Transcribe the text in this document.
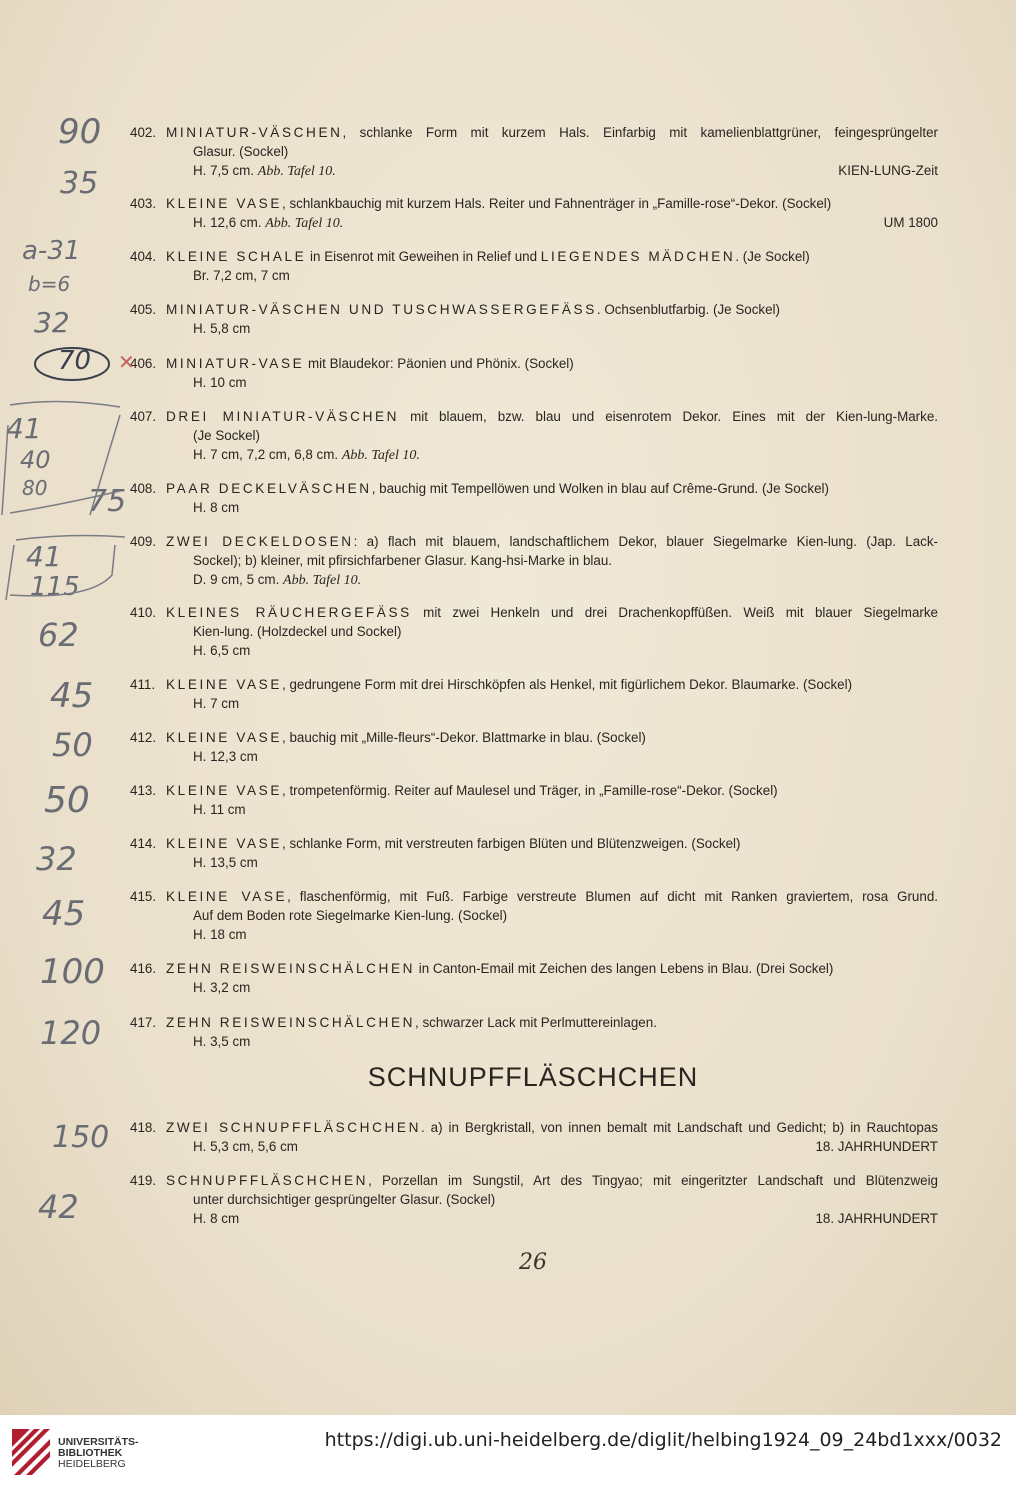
402. MINIATUR-VÄSCHEN, schlanke Form mit kurzem Hals. Einfarbig mit kamelienblattgrüner, feingesprüngelter
Glasur. (Sockel)
H. 7,5 cm. Abb. Tafel 10.	KIEN-LUNG-Zeit
403. KLEINE VASE, schlankbauchig mit kurzem Hals. Reiter und Fahnenträger in „Famille-rose“-Dekor. (Sockel)
H. 12,6 cm. Abb. Tafel 10.	UM 1800
404. KLEINE SCHALE in Eisenrot mit Geweihen in Relief und LIEGENDES MÄDCHEN. (Je Sockel)
Br. 7,2 cm, 7 cm
405. MINIATUR-VÄSCHEN UND TUSCHWASSERGEFÄSS. Ochsenblutfarbig. (Je Sockel)
H. 5,8 cm
406. MINIATUR-VASE mit Blaudekor: Päonien und Phönix. (Sockel)
H. 10 cm
407. DREI MINIATUR-VÄSCHEN mit blauem, bzw. blau und eisenrotem Dekor. Eines mit der Kien-lung-Marke.
(Je Sockel)
H. 7 cm, 7,2 cm, 6,8 cm. Abb. Tafel 10.
408. PAAR DECKELVÄSCHEN, bauchig mit Tempellöwen und Wolken in blau auf Crême-Grund. (Je Sockel)
H. 8 cm
409. ZWEI DECKELDOSEN: a) flach mit blauem, landschaftlichem Dekor, blauer Siegelmarke Kien-lung. (Jap. Lack-
Sockel); b) kleiner, mit pfirsichfarbener Glasur. Kang-hsi-Marke in blau.
D. 9 cm, 5 cm. Abb. Tafel 10.
410. KLEINES RÄUCHERGEFÄSS mit zwei Henkeln und drei Drachenkopffüßen. Weiß mit blauer Siegelmarke
Kien-lung. (Holzdeckel und Sockel)
H. 6,5 cm
411. KLEINE VASE, gedrungene Form mit drei Hirschköpfen als Henkel, mit figürlichem Dekor. Blaumarke. (Sockel)
H. 7 cm
412. KLEINE VASE, bauchig mit „Mille-fleurs“-Dekor. Blattmarke in blau. (Sockel)
H. 12,3 cm
413. KLEINE VASE, trompetenförmig. Reiter auf Maulesel und Träger, in „Famille-rose“-Dekor. (Sockel)
H. 11 cm
414. KLEINE VASE, schlanke Form, mit verstreuten farbigen Blüten und Blütenzweigen. (Sockel)
H. 13,5 cm
415. KLEINE VASE, flaschenförmig, mit Fuß. Farbige verstreute Blumen auf dicht mit Ranken graviertem, rosa Grund.
Auf dem Boden rote Siegelmarke Kien-lung. (Sockel)
H. 18 cm
416. ZEHN REISWEINSCHÄLCHEN in Canton-Email mit Zeichen des langen Lebens in Blau. (Drei Sockel)
H. 3,2 cm
417. ZEHN REISWEINSCHÄLCHEN, schwarzer Lack mit Perlmuttereinlagen.
H. 3,5 cm
SCHNUPFFLÄSCHCHEN
418. ZWEI SCHNUPFFLÄSCHCHEN. a) in Bergkristall, von innen bemalt mit Landschaft und Gedicht; b) in Rauchtopas
H. 5,3 cm, 5,6 cm	18. JAHRHUNDERT
419. SCHNUPFFLÄSCHCHEN, Porzellan im Sungstil, Art des Tingyao; mit eingeritzter Landschaft und Blütenzweig
unter durchsichtiger gesprüngelter Glasur. (Sockel)
H. 8 cm	18. JAHRHUNDERT
26
90
35
a-31
b=6
32
70 ✕
41
40
80 75
41
115
62
45
50
50
32
45
100
120
150
42
UNIVERSITÄTS-
BIBLIOTHEK
HEIDELBERG
https://digi.ub.uni-heidelberg.de/diglit/helbing1924_09_24bd1xxx/0032
